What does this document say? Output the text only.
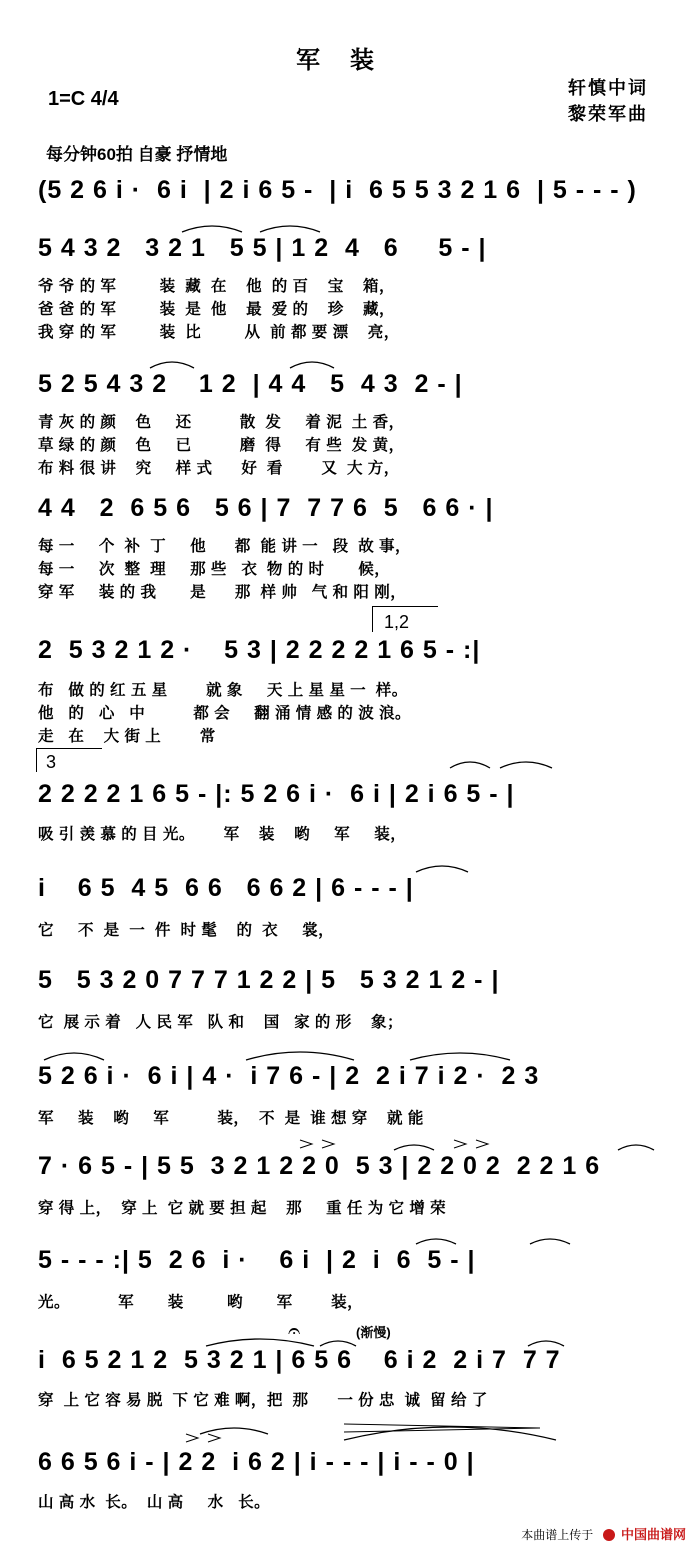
军装
1=C 4/4	轩慎中词
黎荣军曲
每分钟60拍 自豪 抒情地
(5 2 6 i ·  6 i  | 2 i 6 5 -  | i  6 5 5 3 2 1 6  | 5 - - - )
5 4 3 2   3 2 1   5 5 | 1 2  4   6     5 - |
爷 爷 的 军         装  藏  在    他  的 百    宝    箱，
爸 爸 的 军         装  是  他    最  爱 的    珍    藏，
我 穿 的 军         装  比         从  前 都 要 漂    亮，
5 2 5 4 3 2    1 2  | 4 4   5  4 3  2 - |
青 灰 的 颜    色     还          散  发     着 泥  土 香，
草 绿 的 颜    色     已          磨  得     有 些  发 黄，
布 料 很 讲    究     样 式      好  看        又  大 方，
4 4   2  6 5 6   5 6 | 7  7 7 6  5   6 6 · |
每 一     个  补  丁     他      都  能 讲 一   段  故 事，
每 一     次  整  理     那 些   衣  物 的 时       候，
穿 军     装 的 我       是      那  样 帅   气 和 阳 刚，
1,2
2  5 3 2 1 2 ·    5 3 | 2 2 2 2 1 6 5 - :|
布   做 的 红 五 星        就 象     天 上 星 星 一  样。
他   的   心   中          都 会     翻 涌 情 感 的 波 浪。
走   在    大 街 上        常
3
2 2 2 2 1 6 5 - |: 5 2 6 i ·  6 i | 2 i 6 5 - |
吸 引 羡 慕 的 目 光。      军    装    哟     军     装，
i    6 5  4 5  6 6   6 6 2 | 6 - - - |
它     不  是  一  件  时 髦    的  衣     裳，
5   5 3 2 0 7 7 7 1 2 2 | 5   5 3 2 1 2 - |
它  展 示 着   人 民 军   队 和    国   家 的 形    象；
5 2 6 i ·  6 i | 4 ·  i 7 6 - | 2  2 i 7 i 2 ·  2 3
军     装    哟     军          装，  不  是  谁 想 穿    就 能
7 · 6 5 - | 5 5  3 2 1 2 2 0  5 3 | 2 2 0 2  2 2 1 6
穿 得 上，  穿 上  它 就 要 担 起    那     重 任 为 它 增 荣
5 - - - :| 5  2 6  i ·    6 i  | 2  i  6  5 - |
光。          军       装         哟       军        装，
(渐慢)
𝄐
i  6 5 2 1 2  5 3 2 1 | 6 5 6    6 i 2  2 i 7  7 7
穿  上 它 容 易 脱  下 它 难 啊，把  那      一 份 忠  诚  留 给 了
6 6 5 6 i - | 2 2  i 6 2 | i - - - | i - - 0 |
山 高 水  长。  山 高     水   长。
本曲谱上传于 中国曲谱网
